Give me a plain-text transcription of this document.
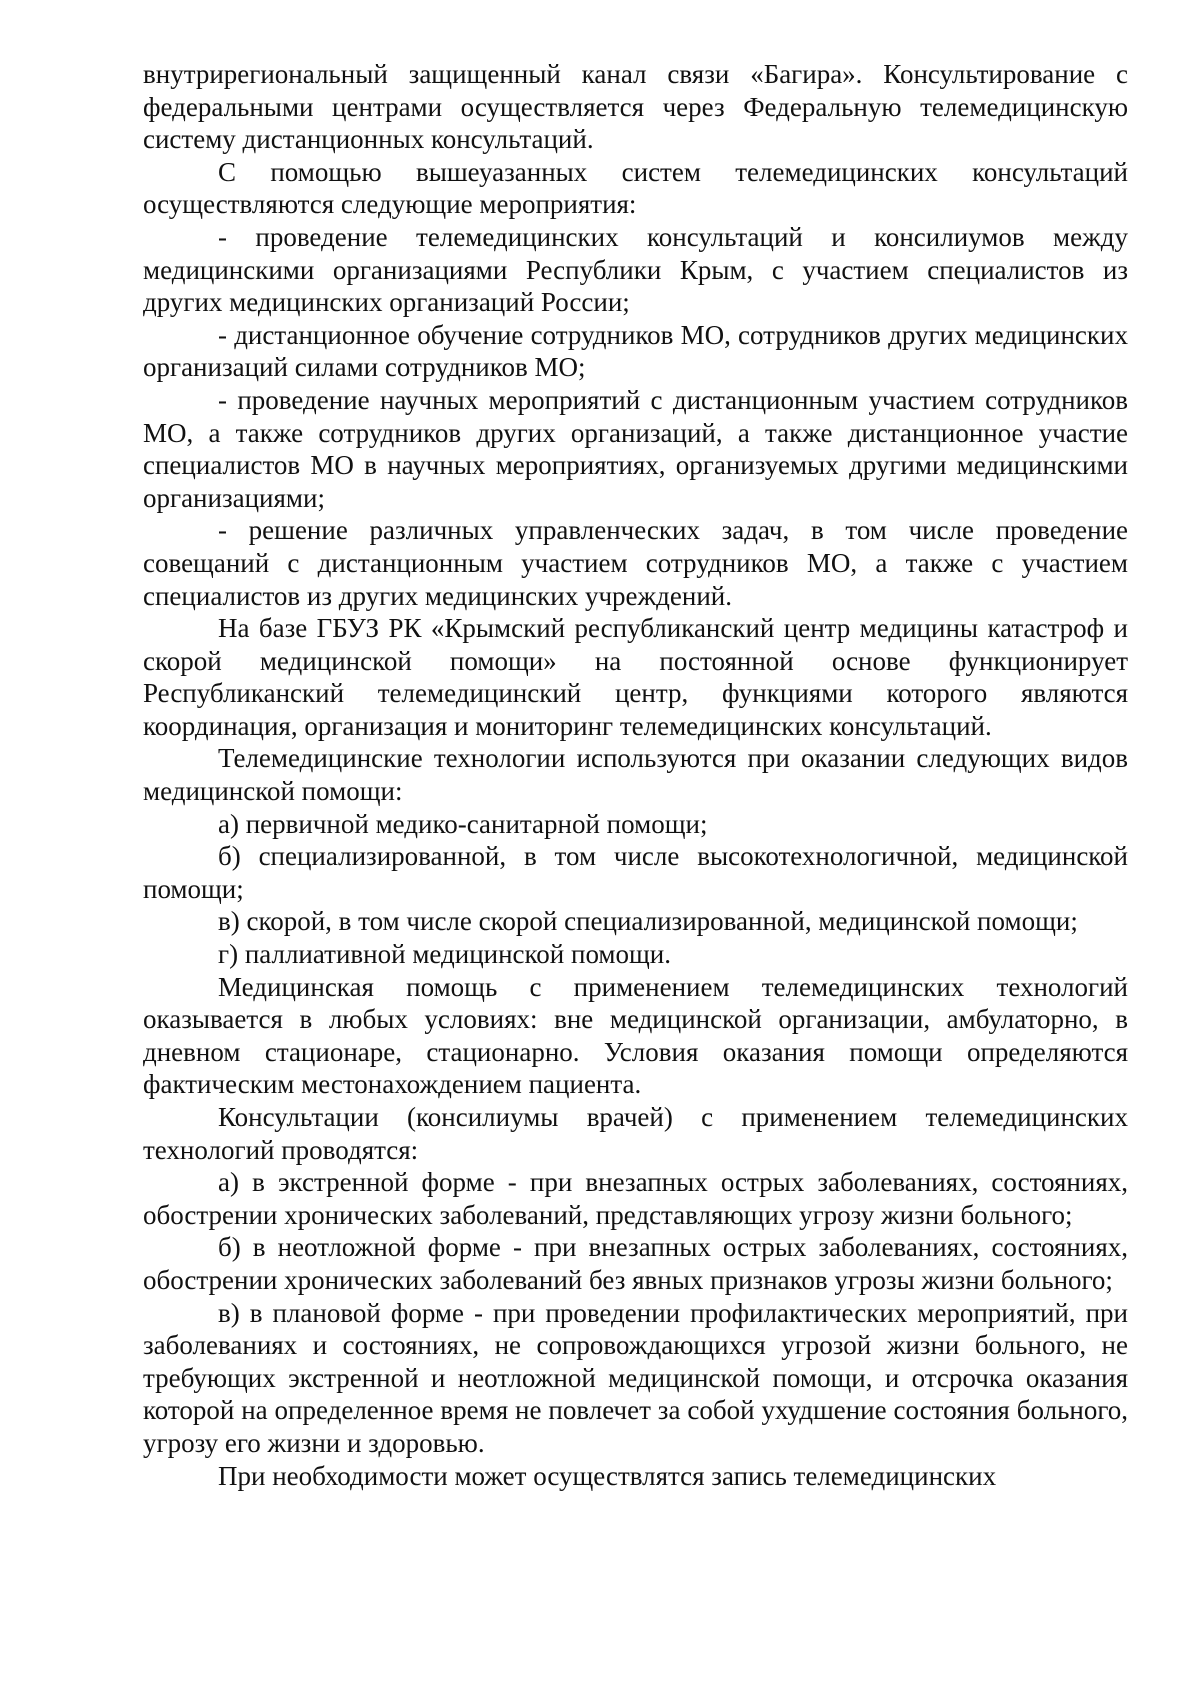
внутрирегиональный защищенный канал связи «Багира». Консультирование с федеральными центрами осуществляется через Федеральную телемедицинскую систему дистанционных консультаций.

С помощью вышеуазанных систем телемедицинских консультаций осуществляются следующие мероприятия:

- проведение телемедицинских консультаций и консилиумов между медицинскими организациями Республики Крым, с участием специалистов из других медицинских организаций России;

- дистанционное обучение сотрудников МО, сотрудников других медицинских организаций силами сотрудников МО;

- проведение научных мероприятий с дистанционным участием сотрудников МО, а также сотрудников других организаций, а также дистанционное участие специалистов МО в научных мероприятиях, организуемых другими медицинскими организациями;

- решение различных управленческих задач, в том числе проведение совещаний с дистанционным участием сотрудников МО, а также с участием специалистов из других медицинских учреждений.

На базе ГБУЗ РК «Крымский республиканский центр медицины катастроф и скорой медицинской помощи» на постоянной основе функционирует Республиканский телемедицинский центр, функциями которого являются координация, организация и мониторинг телемедицинских консультаций.

Телемедицинские технологии используются при оказании следующих видов медицинской помощи:

а) первичной медико-санитарной помощи;

б) специализированной, в том числе высокотехнологичной, медицинской помощи;

в) скорой, в том числе скорой специализированной, медицинской помощи;

г) паллиативной медицинской помощи.

Медицинская помощь с применением телемедицинских технологий оказывается в любых условиях: вне медицинской организации, амбулаторно, в дневном стационаре, стационарно. Условия оказания помощи определяются фактическим местонахождением пациента.

Консультации (консилиумы врачей) с применением телемедицинских технологий проводятся:

а) в экстренной форме - при внезапных острых заболеваниях, состояниях, обострении хронических заболеваний, представляющих угрозу жизни больного;

б) в неотложной форме - при внезапных острых заболеваниях, состояниях, обострении хронических заболеваний без явных признаков угрозы жизни больного;

в) в плановой форме - при проведении профилактических мероприятий, при заболеваниях и состояниях, не сопровождающихся угрозой жизни больного, не требующих экстренной и неотложной медицинской помощи, и отсрочка оказания которой на определенное время не повлечет за собой ухудшение состояния больного, угрозу его жизни и здоровью.

При необходимости может осуществлятся запись телемедицинских
